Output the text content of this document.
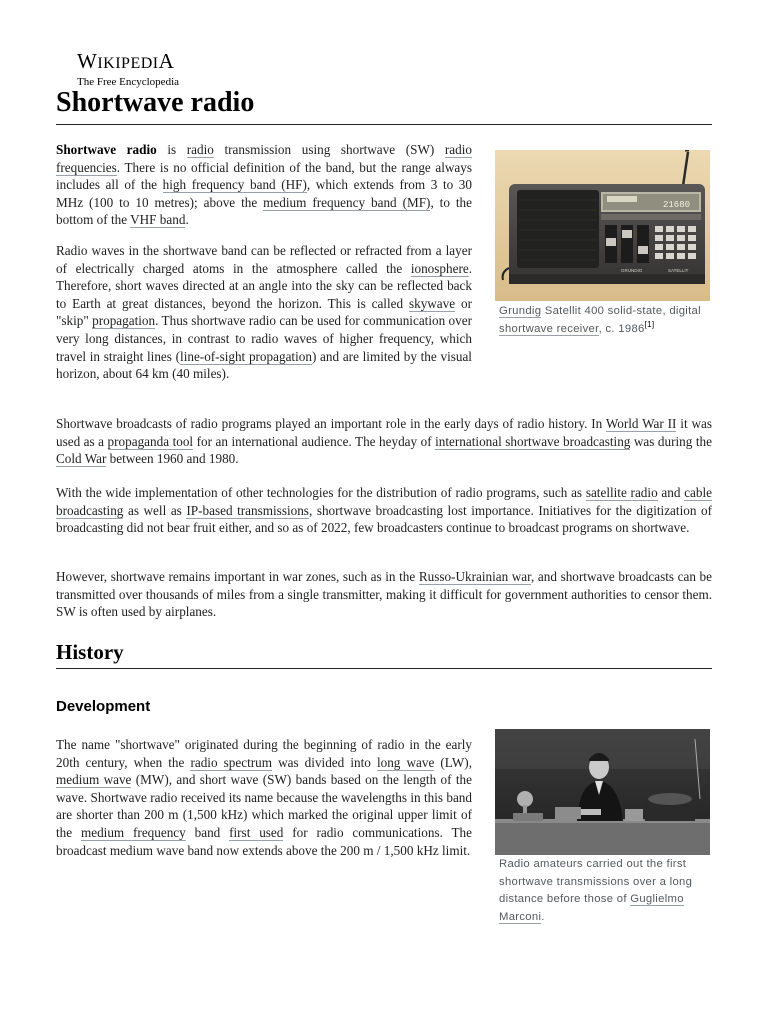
WIKIPEDIA
The Free Encyclopedia
Shortwave radio

Shortwave radio is radio transmission using shortwave (SW) radio frequencies. There is no official definition of the band, but the range always includes all of the high frequency band (HF), which extends from 3 to 30 MHz (100 to 10 metres); above the medium frequency band (MF), to the bottom of the VHF band.

21680
GRUNDIG	SATELLIT

Grundig Satellit 400 solid-state, digital shortwave receiver, c. 1986[1]

Radio waves in the shortwave band can be reflected or refracted from a layer of electrically charged atoms in the atmosphere called the ionosphere. Therefore, short waves directed at an angle into the sky can be reflected back to Earth at great distances, beyond the horizon. This is called skywave or "skip" propagation. Thus shortwave radio can be used for communication over very long distances, in contrast to radio waves of higher frequency, which travel in straight lines (line-of-sight propagation) and are limited by the visual horizon, about 64 km (40 miles).

Shortwave broadcasts of radio programs played an important role in the early days of radio history. In World War II it was used as a propaganda tool for an international audience. The heyday of international shortwave broadcasting was during the Cold War between 1960 and 1980.

With the wide implementation of other technologies for the distribution of radio programs, such as satellite radio and cable broadcasting as well as IP-based transmissions, shortwave broadcasting lost importance. Initiatives for the digitization of broadcasting did not bear fruit either, and so as of 2022, few broadcasters continue to broadcast programs on shortwave.

However, shortwave remains important in war zones, such as in the Russo-Ukrainian war, and shortwave broadcasts can be transmitted over thousands of miles from a single transmitter, making it difficult for government authorities to censor them. SW is often used by airplanes.

History
Development

Radio amateurs carried out the first shortwave transmissions over a long distance before those of Guglielmo Marconi.

The name "shortwave" originated during the beginning of radio in the early 20th century, when the radio spectrum was divided into long wave (LW), medium wave (MW), and short wave (SW) bands based on the length of the wave. Shortwave radio received its name because the wavelengths in this band are shorter than 200 m (1,500 kHz) which marked the original upper limit of the medium frequency band first used for radio communications. The broadcast medium wave band now extends above the 200 m / 1,500 kHz limit.
